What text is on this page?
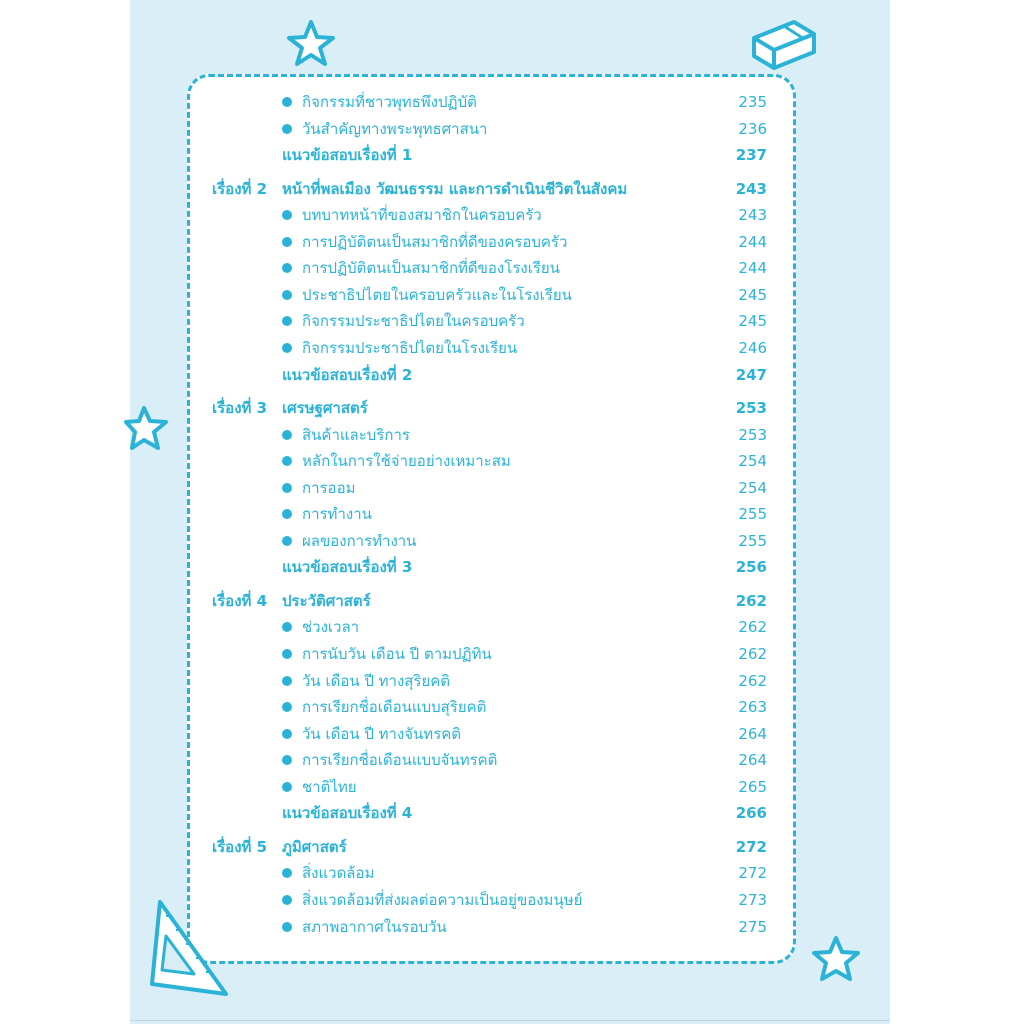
กิจกรรมที่ชาวพุทธพึงปฏิบัติ	235
วันสำคัญทางพระพุทธศาสนา	236
แนวข้อสอบเรื่องที่ 1	237
เรื่องที่ 2 หน้าที่พลเมือง วัฒนธรรม และการดำเนินชีวิตในสังคม	243
บทบาทหน้าที่ของสมาชิกในครอบครัว	243
การปฏิบัติตนเป็นสมาชิกที่ดีของครอบครัว	244
การปฏิบัติตนเป็นสมาชิกที่ดีของโรงเรียน	244
ประชาธิปไตยในครอบครัวและในโรงเรียน	245
กิจกรรมประชาธิปไตยในครอบครัว	245
กิจกรรมประชาธิปไตยในโรงเรียน	246
แนวข้อสอบเรื่องที่ 2	247
เรื่องที่ 3 เศรษฐศาสตร์	253
สินค้าและบริการ	253
หลักในการใช้จ่ายอย่างเหมาะสม	254
การออม	254
การทำงาน	255
ผลของการทำงาน	255
แนวข้อสอบเรื่องที่ 3	256
เรื่องที่ 4 ประวัติศาสตร์	262
ช่วงเวลา	262
การนับวัน เดือน ปี ตามปฏิทิน	262
วัน เดือน ปี ทางสุริยคติ	262
การเรียกชื่อเดือนแบบสุริยคติ	263
วัน เดือน ปี ทางจันทรคติ	264
การเรียกชื่อเดือนแบบจันทรคติ	264
ชาติไทย	265
แนวข้อสอบเรื่องที่ 4	266
เรื่องที่ 5 ภูมิศาสตร์	272
สิ่งแวดล้อม	272
สิ่งแวดล้อมที่ส่งผลต่อความเป็นอยู่ของมนุษย์	273
สภาพอากาศในรอบวัน	275
